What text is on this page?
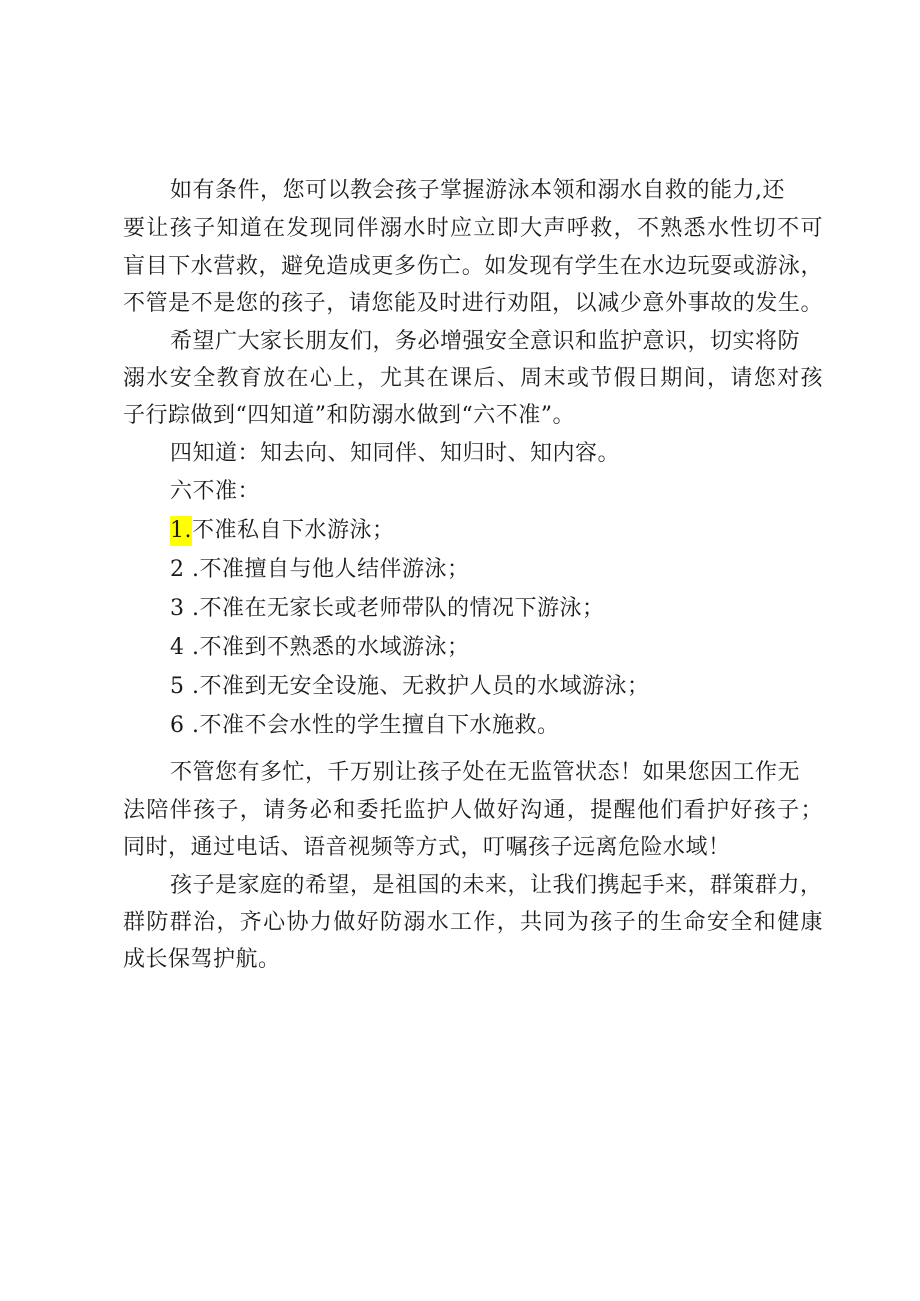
如有条件，您可以教会孩子掌握游泳本领和溺水自救的能力,还
要让孩子知道在发现同伴溺水时应立即大声呼救，不熟悉水性切不可
盲目下水营救，避免造成更多伤亡。如发现有学生在水边玩耍或游泳，
不管是不是您的孩子，请您能及时进行劝阻，以减少意外事故的发生。
希望广大家长朋友们，务必增强安全意识和监护意识，切实将防
溺水安全教育放在心上，尤其在课后、周末或节假日期间，请您对孩
子行踪做到“四知道”和防溺水做到“六不准”。
四知道：知去向、知同伴、知归时、知内容。
六不准：
1.不准私自下水游泳；
2 .不准擅自与他人结伴游泳；
3 .不准在无家长或老师带队的情况下游泳；
4 .不准到不熟悉的水域游泳；
5 .不准到无安全设施、无救护人员的水域游泳；
6 .不准不会水性的学生擅自下水施救。
不管您有多忙，千万别让孩子处在无监管状态！如果您因工作无
法陪伴孩子，请务必和委托监护人做好沟通，提醒他们看护好孩子；
同时，通过电话、语音视频等方式，叮嘱孩子远离危险水域！
孩子是家庭的希望，是祖国的未来，让我们携起手来，群策群力，
群防群治，齐心协力做好防溺水工作，共同为孩子的生命安全和健康
成长保驾护航。
